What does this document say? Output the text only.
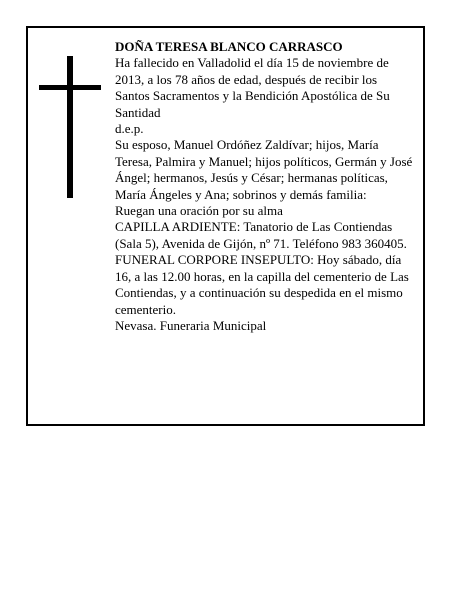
DOÑA TERESA BLANCO CARRASCO

Ha fallecido en Valladolid el día 15 de noviembre de 2013, a los 78 años de edad, después de recibir los Santos Sacramentos y la Bendición Apostólica de Su Santidad

d.e.p.

Su esposo, Manuel Ordóñez Zaldívar; hijos, María Teresa, Palmira y Manuel; hijos políticos, Germán y José Ángel; hermanos, Jesús y César; hermanas políticas, María Ángeles y Ana; sobrinos y demás familia:

Ruegan una oración por su alma

CAPILLA ARDIENTE: Tanatorio de Las Contiendas (Sala 5), Avenida de Gijón, nº 71. Teléfono 983 360405.

FUNERAL CORPORE INSEPULTO: Hoy sábado, día 16, a las 12.00 horas, en la capilla del cementerio de Las Contiendas, y a continuación su despedida en el mismo cementerio.

Nevasa. Funeraria Municipal
